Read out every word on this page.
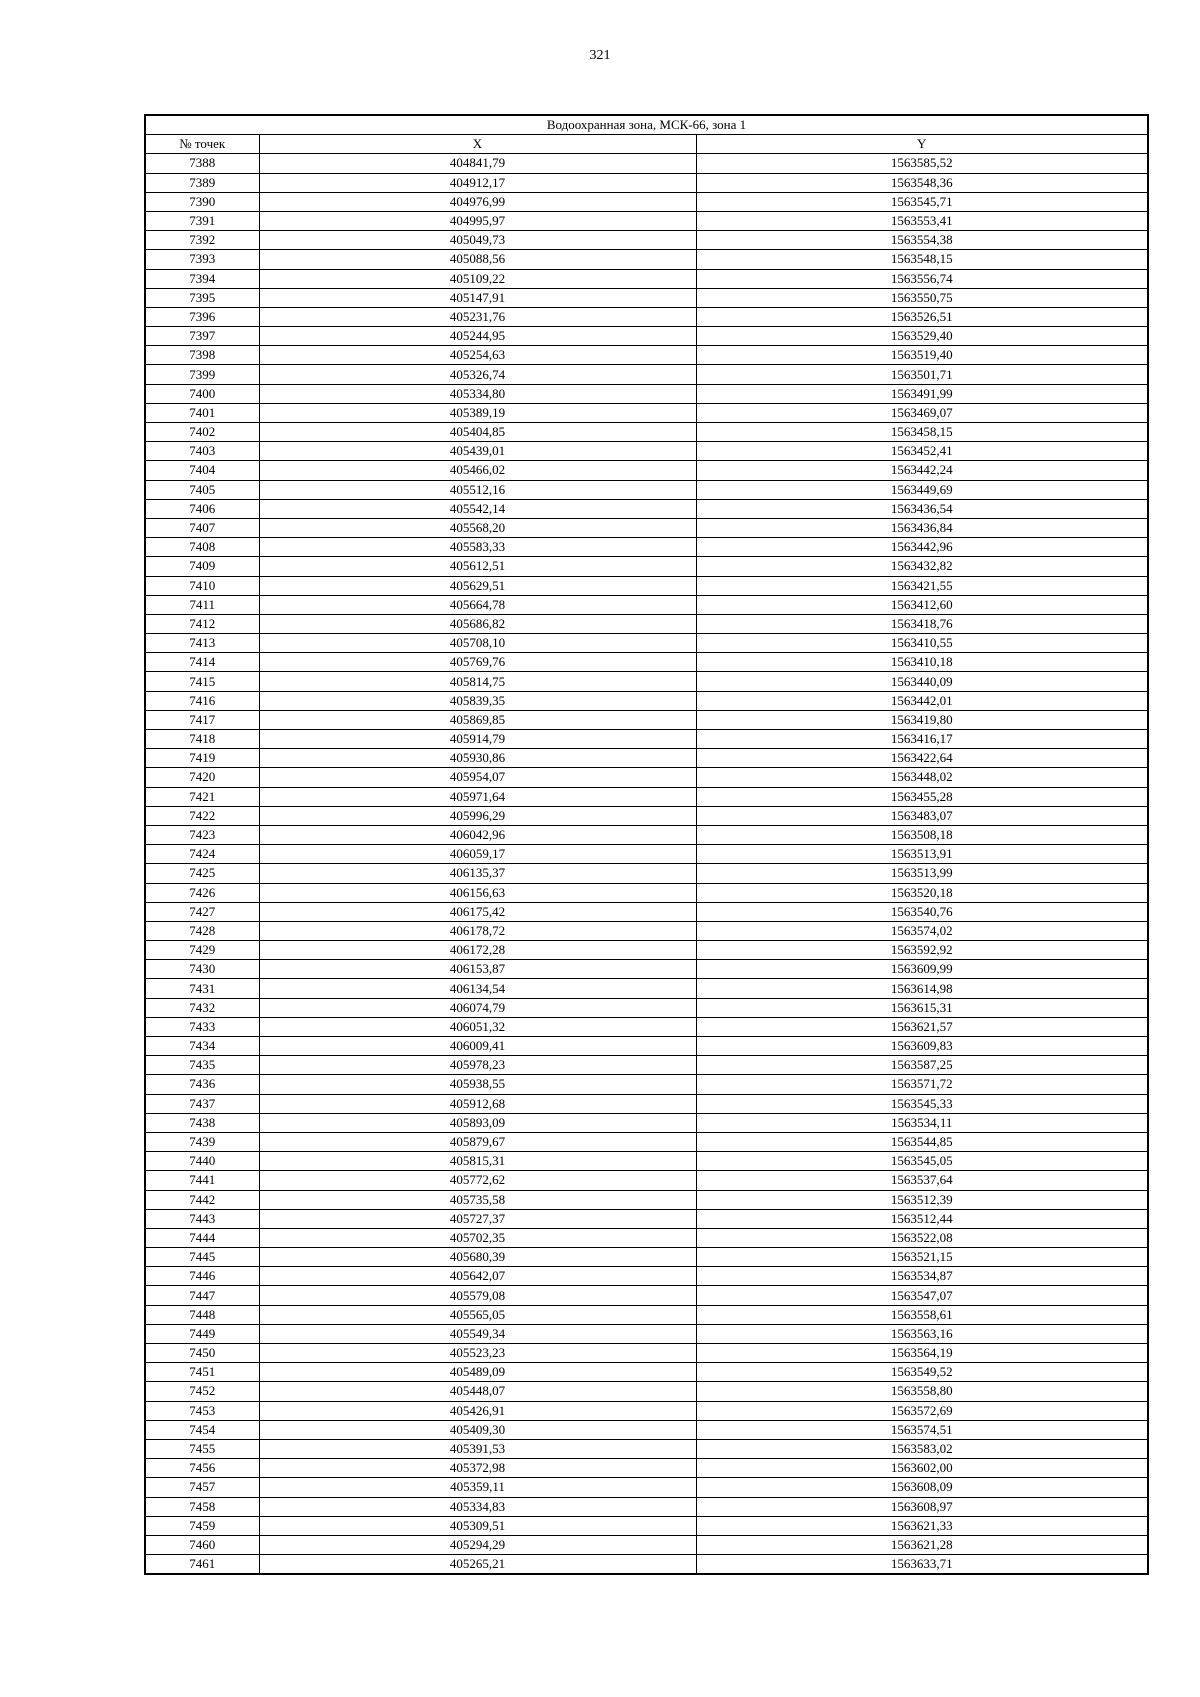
321
Водоохранная зона, МСК-66, зона 1		
№ точек	X	Y
7388	404841,79	1563585,52
7389	404912,17	1563548,36
7390	404976,99	1563545,71
7391	404995,97	1563553,41
7392	405049,73	1563554,38
7393	405088,56	1563548,15
7394	405109,22	1563556,74
7395	405147,91	1563550,75
7396	405231,76	1563526,51
7397	405244,95	1563529,40
7398	405254,63	1563519,40
7399	405326,74	1563501,71
7400	405334,80	1563491,99
7401	405389,19	1563469,07
7402	405404,85	1563458,15
7403	405439,01	1563452,41
7404	405466,02	1563442,24
7405	405512,16	1563449,69
7406	405542,14	1563436,54
7407	405568,20	1563436,84
7408	405583,33	1563442,96
7409	405612,51	1563432,82
7410	405629,51	1563421,55
7411	405664,78	1563412,60
7412	405686,82	1563418,76
7413	405708,10	1563410,55
7414	405769,76	1563410,18
7415	405814,75	1563440,09
7416	405839,35	1563442,01
7417	405869,85	1563419,80
7418	405914,79	1563416,17
7419	405930,86	1563422,64
7420	405954,07	1563448,02
7421	405971,64	1563455,28
7422	405996,29	1563483,07
7423	406042,96	1563508,18
7424	406059,17	1563513,91
7425	406135,37	1563513,99
7426	406156,63	1563520,18
7427	406175,42	1563540,76
7428	406178,72	1563574,02
7429	406172,28	1563592,92
7430	406153,87	1563609,99
7431	406134,54	1563614,98
7432	406074,79	1563615,31
7433	406051,32	1563621,57
7434	406009,41	1563609,83
7435	405978,23	1563587,25
7436	405938,55	1563571,72
7437	405912,68	1563545,33
7438	405893,09	1563534,11
7439	405879,67	1563544,85
7440	405815,31	1563545,05
7441	405772,62	1563537,64
7442	405735,58	1563512,39
7443	405727,37	1563512,44
7444	405702,35	1563522,08
7445	405680,39	1563521,15
7446	405642,07	1563534,87
7447	405579,08	1563547,07
7448	405565,05	1563558,61
7449	405549,34	1563563,16
7450	405523,23	1563564,19
7451	405489,09	1563549,52
7452	405448,07	1563558,80
7453	405426,91	1563572,69
7454	405409,30	1563574,51
7455	405391,53	1563583,02
7456	405372,98	1563602,00
7457	405359,11	1563608,09
7458	405334,83	1563608,97
7459	405309,51	1563621,33
7460	405294,29	1563621,28
7461	405265,21	1563633,71
